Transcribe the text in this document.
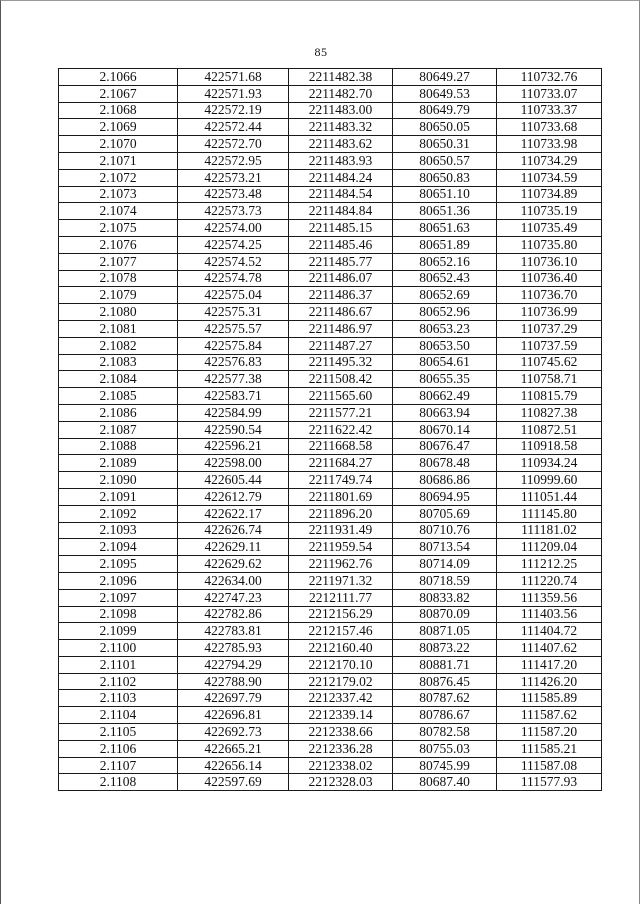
85
2.1066	422571.68	2211482.38	80649.27	110732.76
2.1067	422571.93	2211482.70	80649.53	110733.07
2.1068	422572.19	2211483.00	80649.79	110733.37
2.1069	422572.44	2211483.32	80650.05	110733.68
2.1070	422572.70	2211483.62	80650.31	110733.98
2.1071	422572.95	2211483.93	80650.57	110734.29
2.1072	422573.21	2211484.24	80650.83	110734.59
2.1073	422573.48	2211484.54	80651.10	110734.89
2.1074	422573.73	2211484.84	80651.36	110735.19
2.1075	422574.00	2211485.15	80651.63	110735.49
2.1076	422574.25	2211485.46	80651.89	110735.80
2.1077	422574.52	2211485.77	80652.16	110736.10
2.1078	422574.78	2211486.07	80652.43	110736.40
2.1079	422575.04	2211486.37	80652.69	110736.70
2.1080	422575.31	2211486.67	80652.96	110736.99
2.1081	422575.57	2211486.97	80653.23	110737.29
2.1082	422575.84	2211487.27	80653.50	110737.59
2.1083	422576.83	2211495.32	80654.61	110745.62
2.1084	422577.38	2211508.42	80655.35	110758.71
2.1085	422583.71	2211565.60	80662.49	110815.79
2.1086	422584.99	2211577.21	80663.94	110827.38
2.1087	422590.54	2211622.42	80670.14	110872.51
2.1088	422596.21	2211668.58	80676.47	110918.58
2.1089	422598.00	2211684.27	80678.48	110934.24
2.1090	422605.44	2211749.74	80686.86	110999.60
2.1091	422612.79	2211801.69	80694.95	111051.44
2.1092	422622.17	2211896.20	80705.69	111145.80
2.1093	422626.74	2211931.49	80710.76	111181.02
2.1094	422629.11	2211959.54	80713.54	111209.04
2.1095	422629.62	2211962.76	80714.09	111212.25
2.1096	422634.00	2211971.32	80718.59	111220.74
2.1097	422747.23	2212111.77	80833.82	111359.56
2.1098	422782.86	2212156.29	80870.09	111403.56
2.1099	422783.81	2212157.46	80871.05	111404.72
2.1100	422785.93	2212160.40	80873.22	111407.62
2.1101	422794.29	2212170.10	80881.71	111417.20
2.1102	422788.90	2212179.02	80876.45	111426.20
2.1103	422697.79	2212337.42	80787.62	111585.89
2.1104	422696.81	2212339.14	80786.67	111587.62
2.1105	422692.73	2212338.66	80782.58	111587.20
2.1106	422665.21	2212336.28	80755.03	111585.21
2.1107	422656.14	2212338.02	80745.99	111587.08
2.1108	422597.69	2212328.03	80687.40	111577.93
